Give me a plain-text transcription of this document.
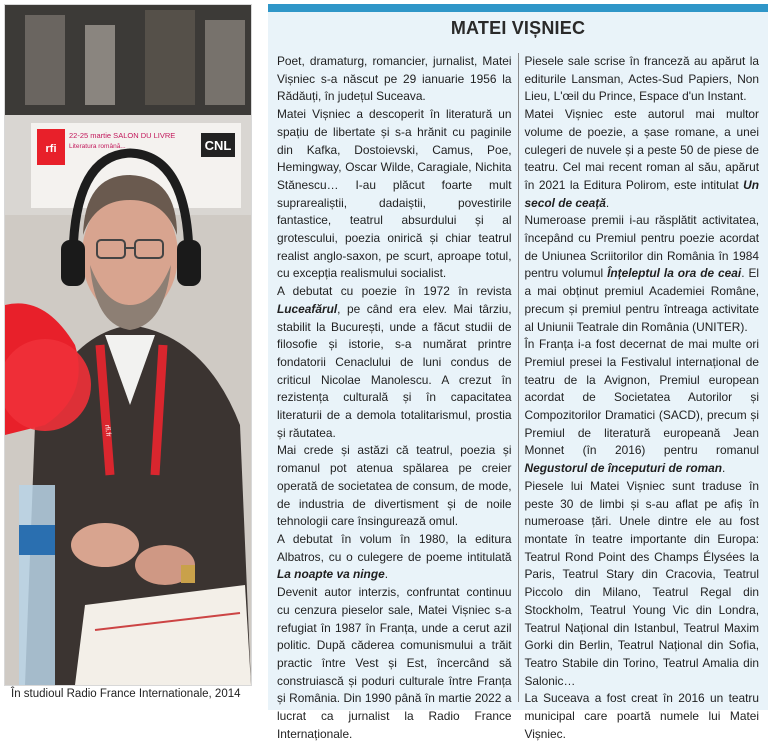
rfi
22-25 martie SALON DU LIVRE
Literatura română...	CNL
rfi.fr
În studioul Radio France Internationale, 2014
MATEI VIȘNIEC

Poet, dramaturg, romancier, jurnalist, Matei Vișniec s-a născut pe 29 ianuarie 1956 la Rădăuți, în județul Suceava.

Matei Vișniec a descoperit în literatură un spațiu de libertate și s-a hrănit cu paginile din Kafka, Dostoievski, Camus, Poe, Hemingway, Oscar Wilde, Caragiale, Nichita Stănescu… I-au plăcut foarte mult suprarealiștii, dadaiștii, povestirile fantastice, teatrul absurdului și al grotescului, poezia onirică și chiar teatrul realist anglo-saxon, pe scurt, aproape totul, cu excepția realismului socialist.

A debutat cu poezie în 1972 în revista Luceafărul, pe când era elev. Mai târziu, stabilit la București, unde a făcut studii de filosofie și istorie, s-a numărat printre fondatorii Cenaclului de luni condus de criticul Nicolae Manolescu. A crezut în rezistența culturală și în capacitatea literaturii de a demola totalitarismul, prostia și răutatea.

Mai crede și astăzi că teatrul, poezia și romanul pot atenua spălarea pe creier operată de societatea de consum, de mode, de industria de divertisment și de noile tehnologii care însingurează omul.

A debutat în volum în 1980, la editura Albatros, cu o culegere de poeme intitulată La noapte va ninge.

Devenit autor interzis, confruntat continuu cu cenzura pieselor sale, Matei Vișniec s-a refugiat în 1987 în Franța, unde a cerut azil politic. După căderea comunismului a trăit practic între Vest și Est, încercând să construiască și poduri culturale între Franța și România. Din 1990 până în martie 2022 a lucrat ca jurnalist la Radio France Internaționale.

Piesele sale scrise în franceză au apărut la editurile Lansman, Actes-Sud Papiers, Non Lieu, L'œil du Prince, Espace d'un Instant.

Matei Vișniec este autorul mai multor volume de poezie, a șase romane, a unei culegeri de nuvele și a peste 50 de piese de teatru. Cel mai recent roman al său, apărut în 2021 la Editura Polirom, este intitulat Un secol de ceață.

Numeroase premii i-au răsplătit activitatea, începând cu Premiul pentru poezie acordat de Uniunea Scriitorilor din România în 1984 pentru volumul Înțeleptul la ora de ceai. El a mai obținut premiul Academiei Române, precum și premiul pentru întreaga activitate al Uniunii Teatrale din România (UNITER).

În Franța i-a fost decernat de mai multe ori Premiul presei la Festivalul internațional de teatru de la Avignon, Premiul european acordat de Societatea Autorilor și Compozitorilor Dramatici (SACD), precum și Premiul de literatură europeană Jean Monnet (în 2016) pentru romanul Negustorul de începuturi de roman.

Piesele lui Matei Vișniec sunt traduse în peste 30 de limbi și s-au aflat pe afiș în numeroase țări. Unele dintre ele au fost montate în teatre importante din Europa: Teatrul Rond Point des Champs Élysées la Paris, Teatrul Stary din Cracovia, Teatrul Piccolo din Milano, Teatrul Regal din Stockholm, Teatrul Young Vic din Londra, Teatrul Național din Istanbul, Teatrul Maxim Gorki din Berlin, Teatrul Național din Sofia, Teatro Stabile din Torino, Teatrul Amalia din Salonic…

La Suceava a fost creat în 2016 un teatru municipal care poartă numele lui Matei Vișniec.
